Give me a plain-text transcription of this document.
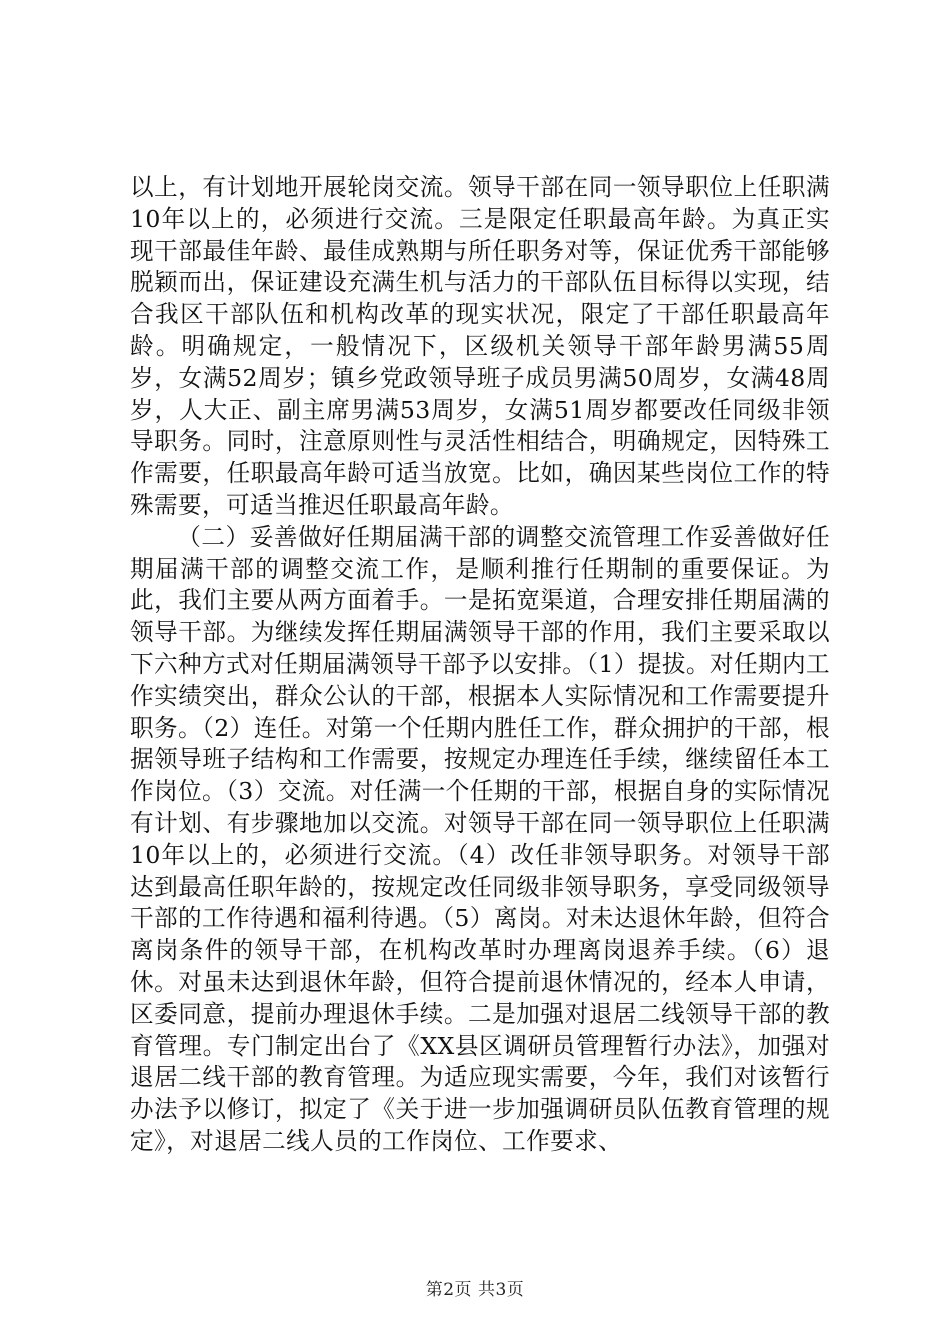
以上，有计划地开展轮岗交流。领导干部在同一领导职位上任职满10年以上的，必须进行交流。三是限定任职最高年龄。为真正实现干部最佳年龄、最佳成熟期与所任职务对等，保证优秀干部能够脱颖而出，保证建设充满生机与活力的干部队伍目标得以实现，结合我区干部队伍和机构改革的现实状况，限定了干部任职最高年龄。明确规定，一般情况下，区级机关领导干部年龄男满55周岁，女满52周岁；镇乡党政领导班子成员男满50周岁，女满48周岁，人大正、副主席男满53周岁，女满51周岁都要改任同级非领导职务。同时，注意原则性与灵活性相结合，明确规定，因特殊工作需要，任职最高年龄可适当放宽。比如，确因某些岗位工作的特殊需要，可适当推迟任职最高年龄。

（二）妥善做好任期届满干部的调整交流管理工作妥善做好任期届满干部的调整交流工作，是顺利推行任期制的重要保证。为此，我们主要从两方面着手。一是拓宽渠道，合理安排任期届满的领导干部。为继续发挥任期届满领导干部的作用，我们主要采取以下六种方式对任期届满领导干部予以安排。（1）提拔。对任期内工作实绩突出，群众公认的干部，根据本人实际情况和工作需要提升职务。（2）连任。对第一个任期内胜任工作，群众拥护的干部，根据领导班子结构和工作需要，按规定办理连任手续，继续留任本工作岗位。（3）交流。对任满一个任期的干部，根据自身的实际情况有计划、有步骤地加以交流。对领导干部在同一领导职位上任职满10年以上的，必须进行交流。（4）改任非领导职务。对领导干部达到最高任职年龄的，按规定改任同级非领导职务，享受同级领导干部的工作待遇和福利待遇。（5）离岗。对未达退休年龄，但符合离岗条件的领导干部，在机构改革时办理离岗退养手续。（6）退休。对虽未达到退休年龄，但符合提前退休情况的，经本人申请，区委同意，提前办理退休手续。二是加强对退居二线领导干部的教育管理。专门制定出台了《XX县区调研员管理暂行办法》，加强对退居二线干部的教育管理。为适应现实需要，今年，我们对该暂行办法予以修订，拟定了《关于进一步加强调研员队伍教育管理的规定》，对退居二线人员的工作岗位、工作要求、

第2页 共3页
